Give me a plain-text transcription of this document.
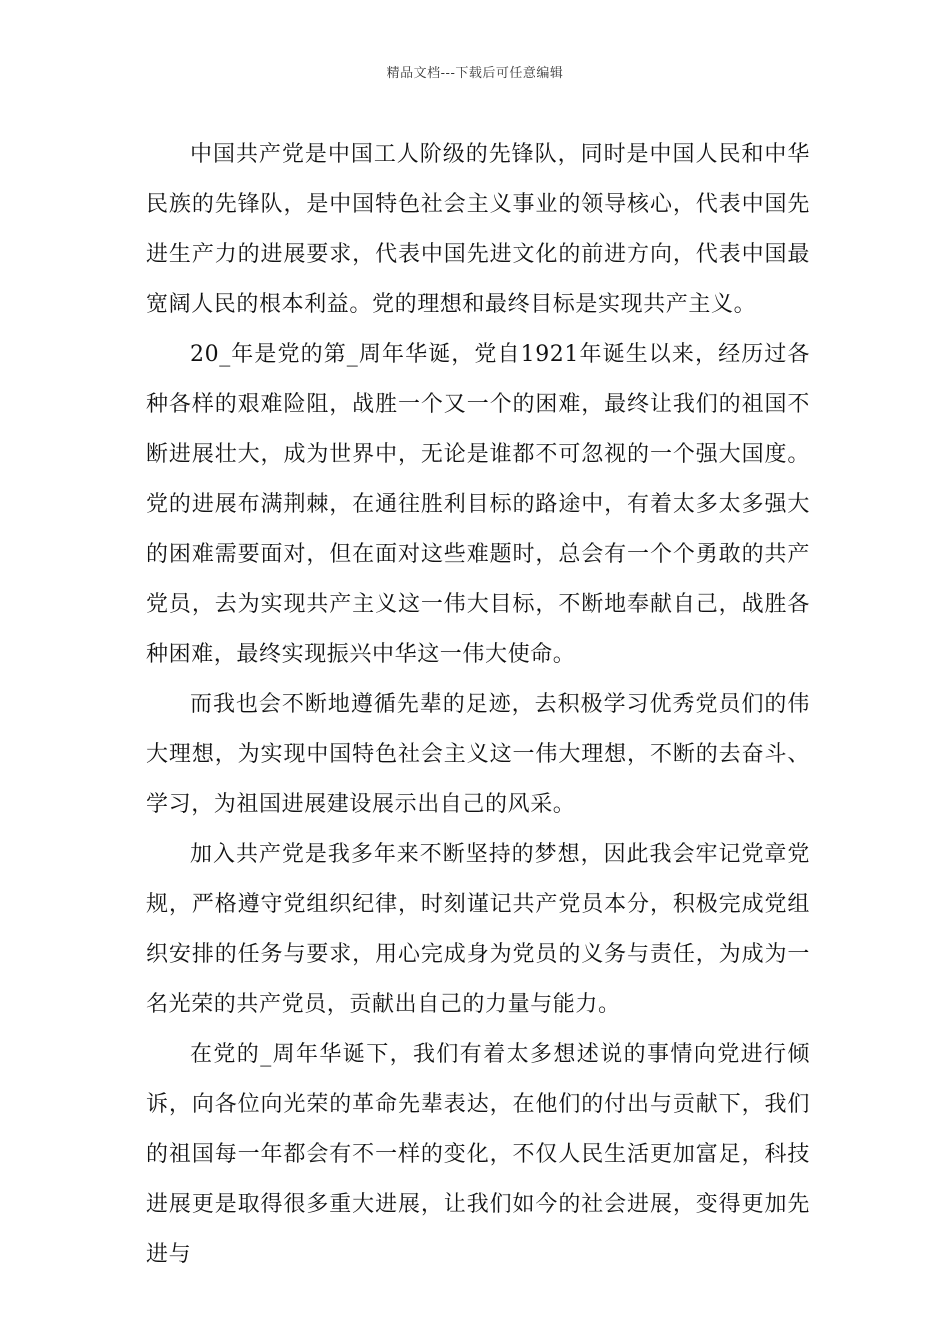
精品文档---下载后可任意编辑

中国共产党是中国工人阶级的先锋队，同时是中国人民和中华民族的先锋队，是中国特色社会主义事业的领导核心，代表中国先进生产力的进展要求，代表中国先进文化的前进方向，代表中国最宽阔人民的根本利益。党的理想和最终目标是实现共产主义。

20_年是党的第_周年华诞，党自1921年诞生以来，经历过各种各样的艰难险阻，战胜一个又一个的困难，最终让我们的祖国不断进展壮大，成为世界中，无论是谁都不可忽视的一个强大国度。党的进展布满荆棘，在通往胜利目标的路途中，有着太多太多强大的困难需要面对，但在面对这些难题时，总会有一个个勇敢的共产党员，去为实现共产主义这一伟大目标，不断地奉献自己，战胜各种困难，最终实现振兴中华这一伟大使命。

而我也会不断地遵循先辈的足迹，去积极学习优秀党员们的伟大理想，为实现中国特色社会主义这一伟大理想，不断的去奋斗、学习，为祖国进展建设展示出自己的风采。

加入共产党是我多年来不断坚持的梦想，因此我会牢记党章党规，严格遵守党组织纪律，时刻谨记共产党员本分，积极完成党组织安排的任务与要求，用心完成身为党员的义务与责任，为成为一名光荣的共产党员，贡献出自己的力量与能力。

在党的_周年华诞下，我们有着太多想述说的事情向党进行倾诉，向各位向光荣的革命先辈表达，在他们的付出与贡献下，我们的祖国每一年都会有不一样的变化，不仅人民生活更加富足，科技进展更是取得很多重大进展，让我们如今的社会进展，变得更加先进与
